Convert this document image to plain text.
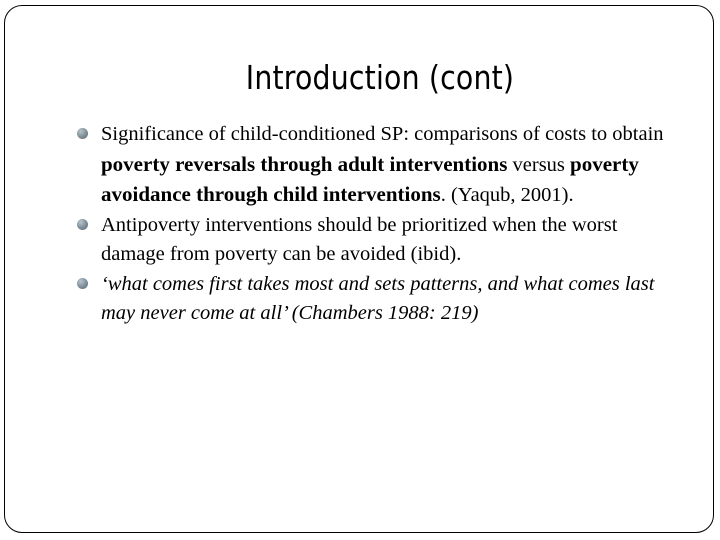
Introduction (cont)
Significance of child-conditioned SP: comparisons of costs to obtain poverty reversals through adult interventions versus poverty avoidance through child interventions. (Yaqub, 2001).
Antipoverty interventions should be prioritized when the worst damage from poverty can be avoided (ibid).
‘what comes first takes most and sets patterns, and what comes last may never come at all’ (Chambers 1988: 219)
